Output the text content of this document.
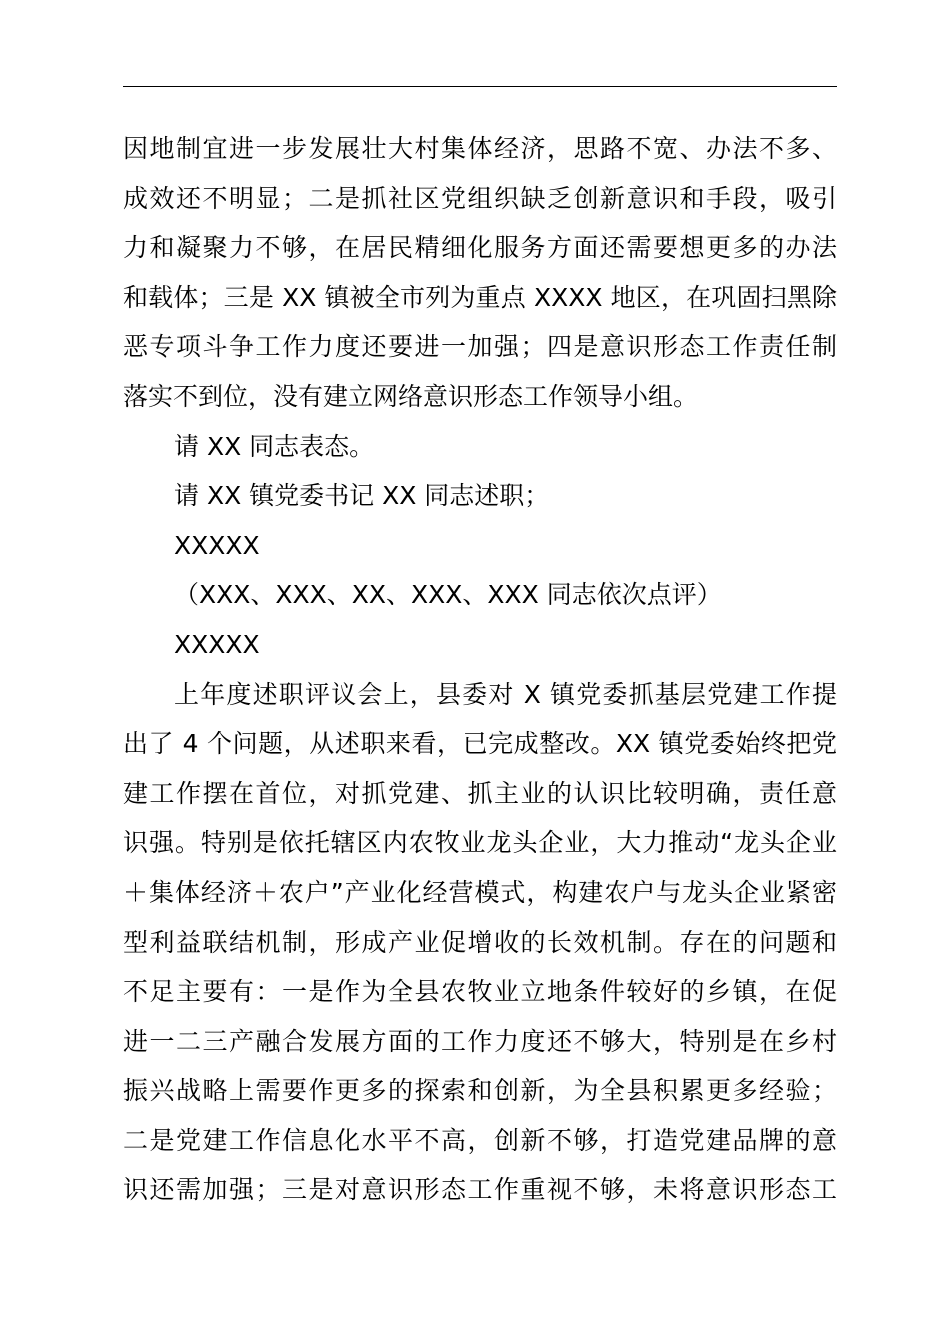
因地制宜进一步发展壮大村集体经济，思路不宽、办法不多、
成效还不明显；二是抓社区党组织缺乏创新意识和手段，吸引
力和凝聚力不够，在居民精细化服务方面还需要想更多的办法
和载体；三是 XX 镇被全市列为重点 XXXX 地区，在巩固扫黑除
恶专项斗争工作力度还要进一加强；四是意识形态工作责任制
落实不到位，没有建立网络意识形态工作领导小组。
请 XX 同志表态。
请 XX 镇党委书记 XX 同志述职；
XXXXX
（XXX、XXX、XX、XXX、XXX 同志依次点评）
XXXXX
上年度述职评议会上，县委对 X 镇党委抓基层党建工作提
出了 4 个问题，从述职来看，已完成整改。XX 镇党委始终把党
建工作摆在首位，对抓党建、抓主业的认识比较明确，责任意
识强。特别是依托辖区内农牧业龙头企业，大力推动“龙头企业
＋集体经济＋农户”产业化经营模式，构建农户与龙头企业紧密
型利益联结机制，形成产业促增收的长效机制。存在的问题和
不足主要有：一是作为全县农牧业立地条件较好的乡镇，在促
进一二三产融合发展方面的工作力度还不够大，特别是在乡村
振兴战略上需要作更多的探索和创新，为全县积累更多经验；
二是党建工作信息化水平不高，创新不够，打造党建品牌的意
识还需加强；三是对意识形态工作重视不够，未将意识形态工
